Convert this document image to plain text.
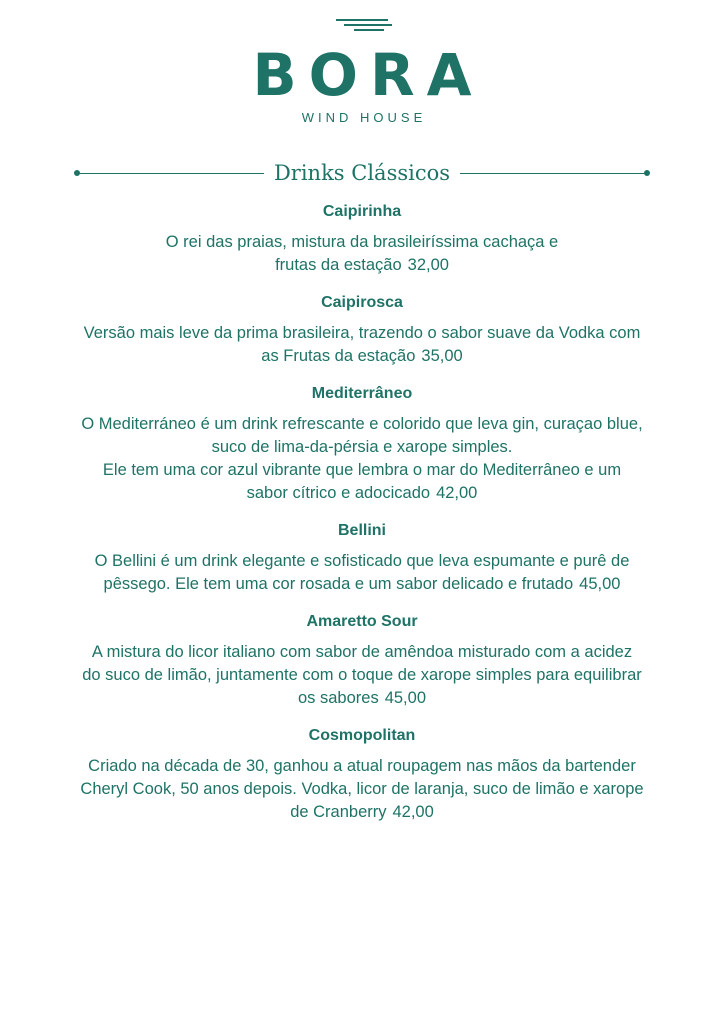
BORA
WIND HOUSE
Drinks Clássicos
Caipirinha
O rei das praias, mistura da brasileiríssima cachaça e
frutas da estação 32,00
Caipirosca
Versão mais leve da prima brasileira, trazendo o sabor suave da Vodka com
as Frutas da estação 35,00
Mediterrâneo
O Mediterráneo é um drink refrescante e colorido que leva gin, curaçao blue,
suco de lima-da-pérsia e xarope simples.
Ele tem uma cor azul vibrante que lembra o mar do Mediterrâneo e um
sabor cítrico e adocicado 42,00
Bellini
O Bellini é um drink elegante e sofisticado que leva espumante e purê de
pêssego. Ele tem uma cor rosada e um sabor delicado e frutado 45,00
Amaretto Sour
A mistura do licor italiano com sabor de amêndoa misturado com a acidez
do suco de limão, juntamente com o toque de xarope simples para equilibrar
os sabores 45,00
Cosmopolitan
Criado na década de 30, ganhou a atual roupagem nas mãos da bartender
Cheryl Cook, 50 anos depois. Vodka, licor de laranja, suco de limão e xarope
de Cranberry 42,00
